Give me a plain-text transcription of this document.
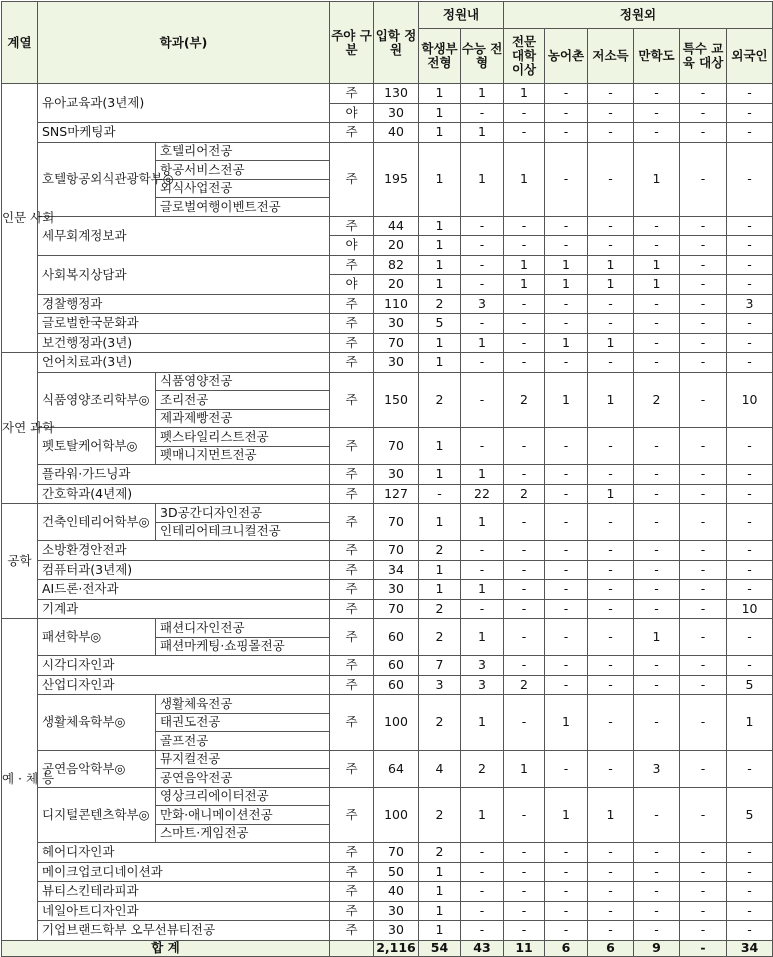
계열	학과(부)		주야 구분	입학 정원	정원내		정원외					
					학생부 전형	수능 전형	전문 대학 이상	농어촌	저소득	만학도	특수 교육 대상	외국인
인문 사회	유아교육과(3년제)		주	130	1	1	1	-	-	-	-	-
			야	30	1	-	-	-	-	-	-	-
	SNS마케팅과		주	40	1	1	-	-	-	-	-	-
	호텔항공외식관광학부◎	호텔리어전공	주	195	1	1	1	-	-	1	-	-
		항공서비스전공										
		외식사업전공										
		글로벌여행이벤트전공										
	세무회계정보과		주	44	1	-	-	-	-	-	-	-
			야	20	1	-	-	-	-	-	-	-
	사회복지상담과		주	82	1	-	1	1	1	1	-	-
			야	20	1	-	1	1	1	1	-	-
	경찰행정과		주	110	2	3	-	-	-	-	-	3
	글로벌한국문화과		주	30	5	-	-	-	-	-	-	-
	보건행정과(3년)		주	70	1	1	-	1	1	-	-	-
자연 과학	언어치료과(3년)		주	30	1	-	-	-	-	-	-	-
	식품영양조리학부◎	식품영양전공	주	150	2	-	2	1	1	2	-	10
		조리전공										
		제과제빵전공										
	펫토탈케어학부◎	펫스타일리스트전공	주	70	1	-	-	-	-	-	-	-
		펫매니지먼트전공										
	플라워·가드닝과		주	30	1	1	-	-	-	-	-	-
	간호학과(4년제)		주	127	-	22	2	-	1	-	-	-
공학	건축인테리어학부◎	3D공간디자인전공	주	70	1	1	-	-	-	-	-	-
		인테리어테크니컬전공										
	소방환경안전과		주	70	2	-	-	-	-	-	-	-
	컴퓨터과(3년제)		주	34	1	-	-	-	-	-	-	-
	AI드론·전자과		주	30	1	1	-	-	-	-	-	-
	기계과		주	70	2	-	-	-	-	-	-	10
예 · 체 능	패션학부◎	패션디자인전공	주	60	2	1	-	-	-	1	-	-
		패션마케팅·쇼핑몰전공										
	시각디자인과		주	60	7	3	-	-	-	-	-	-
	산업디자인과		주	60	3	3	2	-	-	-	-	5
	생활체육학부◎	생활체육전공	주	100	2	1	-	1	-	-	-	1
		태권도전공										
		골프전공										
	공연음악학부◎	뮤지컬전공	주	64	4	2	1	-	-	3	-	-
		공연음악전공										
	디지털콘텐츠학부◎	영상크리에이터전공	주	100	2	1	-	1	1	-	-	5
		만화·애니메이션전공										
		스마트·게임전공										
	헤어디자인과		주	70	2	-	-	-	-	-	-	-
	메이크업코디네이션과		주	50	1	-	-	-	-	-	-	-
	뷰티스킨테라피과		주	40	1	-	-	-	-	-	-	-
	네일아트디자인과		주	30	1	-	-	-	-	-	-	-
	기업브랜드학부 오무선뷰티전공		주	30	1	-	-	-	-	-	-	-
합 계				2,116	54	43	11	6	6	9	-	34
